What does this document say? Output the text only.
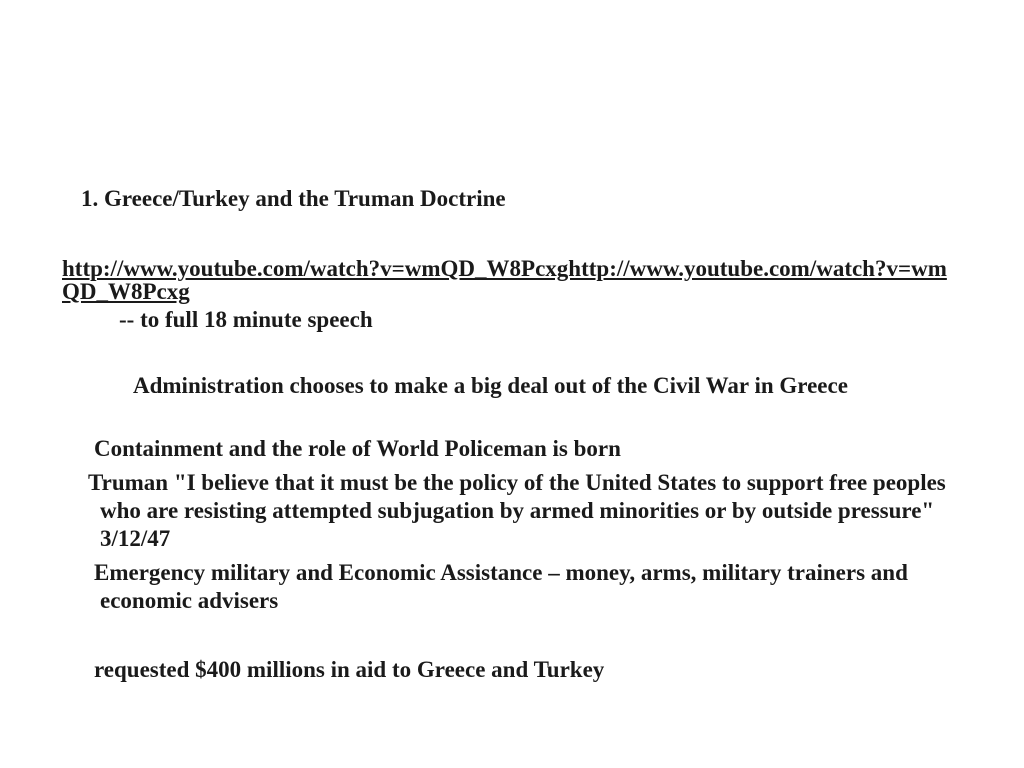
1. Greece/Turkey and the Truman Doctrine
http://www.youtube.com/watch?v=wmQD_W8Pcxghttp://www.youtube.com/watch?v=wmQD_W8Pcxg
-- to full 18 minute speech
Administration chooses to make a big deal out of the Civil War in Greece
Containment and the role of World Policeman is born
Truman "I believe that it must be the policy of the United States to support free peoples who are resisting attempted subjugation by armed minorities or by outside pressure" 3/12/47
Emergency military and Economic Assistance – money, arms, military trainers and economic advisers
requested $400 millions in aid to Greece and Turkey
